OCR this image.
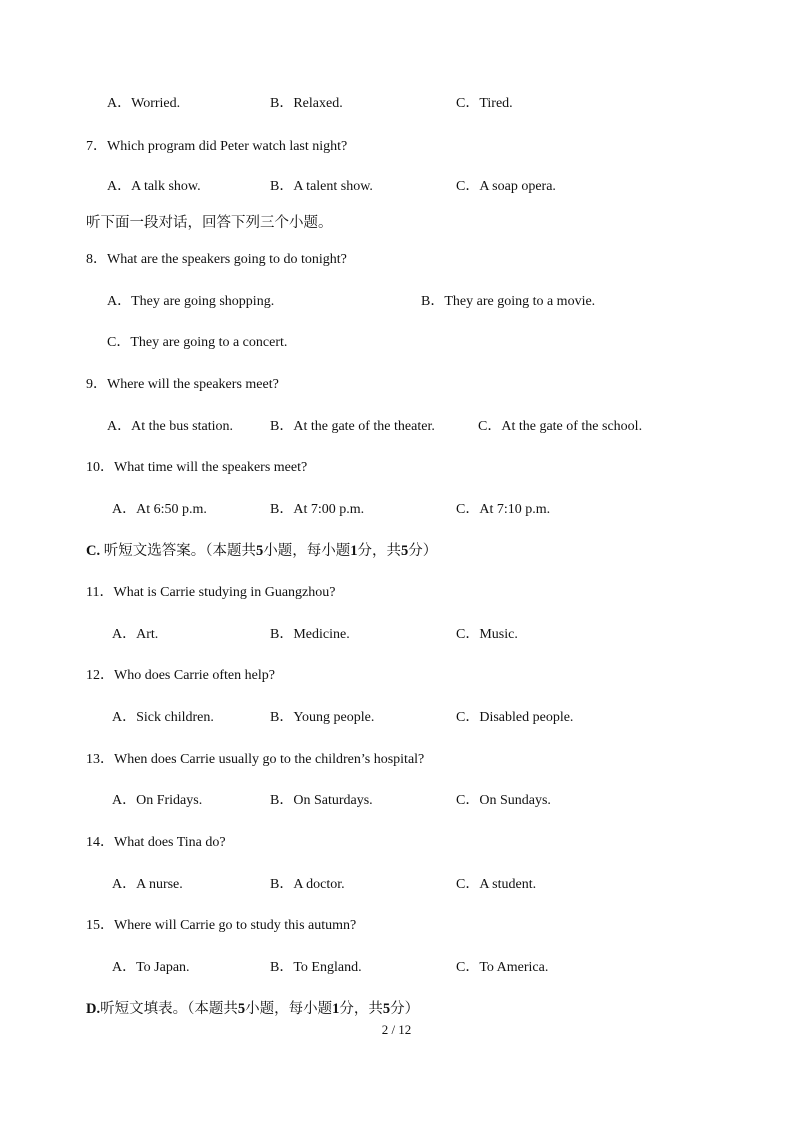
A．Worried.	B．Relaxed.	C．Tired.
7．Which program did Peter watch last night?
A．A talk show.	B．A talent show.	C．A soap opera.
听下面一段对话，回答下列三个小题。
8．What are the speakers going to do tonight?
A．They are going shopping.	B．They are going to a movie.
C．They are going to a concert.
9．Where will the speakers meet?
A．At the bus station.	B．At the gate of the theater.	C．At the gate of the school.
10．What time will the speakers meet?
A．At 6:50 p.m.	B．At 7:00 p.m.	C．At 7:10 p.m.
C. 听短文选答案。（本题共5小题，每小题1分，共5分）
11．What is Carrie studying in Guangzhou?
A．Art.	B．Medicine.	C．Music.
12．Who does Carrie often help?
A．Sick children.	B．Young people.	C．Disabled people.
13．When does Carrie usually go to the children’s hospital?
A．On Fridays.	B．On Saturdays.	C．On Sundays.
14．What does Tina do?
A．A nurse.	B．A doctor.	C．A student.
15．Where will Carrie go to study this autumn?
A．To Japan.	B．To England.	C．To America.
D.听短文填表。（本题共5小题，每小题1分，共5分）
2 / 12
